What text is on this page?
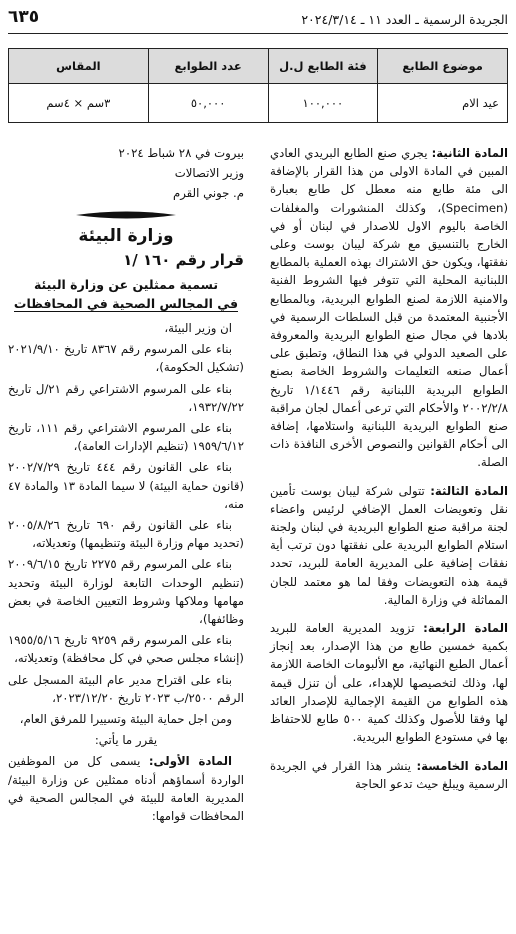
الجريدة الرسمية ـ العدد ١١ ـ ٢٠٢٤/٣/١٤
٦٣٥
موضوع الطابع	فئة الطابع ل.ل	عدد الطوابع	المقاس
عيد الام	١٠٠,٠٠٠	٥٠,٠٠٠	٣سم × ٤سم

المادة الثانية: يجري صنع الطابع البريدي العادي المبين في المادة الاولى من هذا القرار بالإضافة الى مئة طابع منه معطل كل طابع بعبارة (Specimen)، وكذلك المنشورات والمغلفات الخاصة باليوم الاول للاصدار في لبنان أو في الخارج بالتنسيق مع شركة ليبان بوست وعلى نفقتها، ويكون حق الاشتراك بهذه العملية بالمطابع اللبنانية المحلية التي تتوفر فيها الشروط الفنية والامنية اللازمة لصنع الطوابع البريدية، وبالمطابع الأجنبية المعتمدة من قبل السلطات الرسمية في بلادها في مجال صنع الطوابع البريدية والمعروفة على الصعيد الدولي في هذا النطاق، وتطبق على أعمال صنعه التعليمات والشروط الخاصة بصنع الطوابع البريدية اللبنانية رقم ١/١٤٤٦ تاريخ ٢٠٠٢/٢/٨ والأحكام التي ترعى أعمال لجان مراقبة صنع الطوابع البريدية اللبنانية واستلامها، إضافة الى أحكام القوانين والنصوص الأخرى النافذة ذات الصلة.

المادة الثالثة: تتولى شركة ليبان بوست تأمين نقل وتعويضات العمل الإضافي لرئيس واعضاء لجنة مراقبة صنع الطوابع البريدية في لبنان ولجنة استلام الطوابع البريدية على نفقتها دون ترتب أية نفقات إضافية على المديرية العامة للبريد، تحدد قيمة هذه التعويضات وفقا لما هو معتمد للجان المماثلة في وزارة المالية.

المادة الرابعة: تزويد المديرية العامة للبريد بكمية خمسين طابع من هذا الإصدار، بعد إنجاز أعمال الطبع النهائية، مع الألبومات الخاصة اللازمة لها، وذلك لتخصيصها للإهداء، على أن تنزل قيمة هذه الطوابع من القيمة الإجمالية للإصدار العائد لها وفقا للأصول وكذلك كمية ٥٠٠ طابع للاحتفاظ بها في مستودع الطوابع البريدية.

المادة الخامسة: ينشر هذا القرار في الجريدة الرسمية ويبلغ حيث تدعو الحاجة

بيروت في ٢٨ شباط ٢٠٢٤

وزير الاتصالات

م. جوني القرم

وزارة البيئة

قرار رقم ١٦٠ /١

تسمية ممثلين عن وزارة البيئة
في المجالس الصحية في المحافظات

ان وزير البيئة،

بناء على المرسوم رقم ٨٣٦٧ تاريخ ٢٠٢١/٩/١٠ (تشكيل الحكومة)،

بناء على المرسوم الاشتراعي رقم ٢١/ل تاريخ ١٩٣٢/٧/٢٢،

بناء على المرسوم الاشتراعي رقم ١١١، تاريخ ١٩٥٩/٦/١٢ (تنظيم الإدارات العامة)،

بناء على القانون رقم ٤٤٤ تاريخ ٢٠٠٢/٧/٢٩ (قانون حماية البيئة) لا سيما المادة ١٣ والمادة ٤٧ منه،

بناء على القانون رقم ٦٩٠ تاريخ ٢٠٠٥/٨/٢٦ (تحديد مهام وزارة البيئة وتنظيمها) وتعديلاته،

بناء على المرسوم رقم ٢٢٧٥ تاريخ ٢٠٠٩/٦/١٥ (تنظيم الوحدات التابعة لوزارة البيئة وتحديد مهامها وملاكها وشروط التعيين الخاصة في بعض وظائفها)،

بناء على المرسوم رقم ٩٢٥٩ تاريخ ١٩٥٥/٥/١٦ (إنشاء مجلس صحي في كل محافظة) وتعديلاته،

بناء على اقتراح مدير عام البيئة المسجل على الرقم ٢٥٠٠/ب ٢٠٢٣ تاريخ ٢٠٢٣/١٢/٢٠،

ومن اجل حماية البيئة وتسييرا للمرفق العام،

يقرر ما يأتي:

المادة الأولى: يسمى كل من الموظفين الواردة أسماؤهم أدناه ممثلين عن وزارة البيئة/ المديرية العامة للبيئة في المجالس الصحية في المحافظات قوامها:
